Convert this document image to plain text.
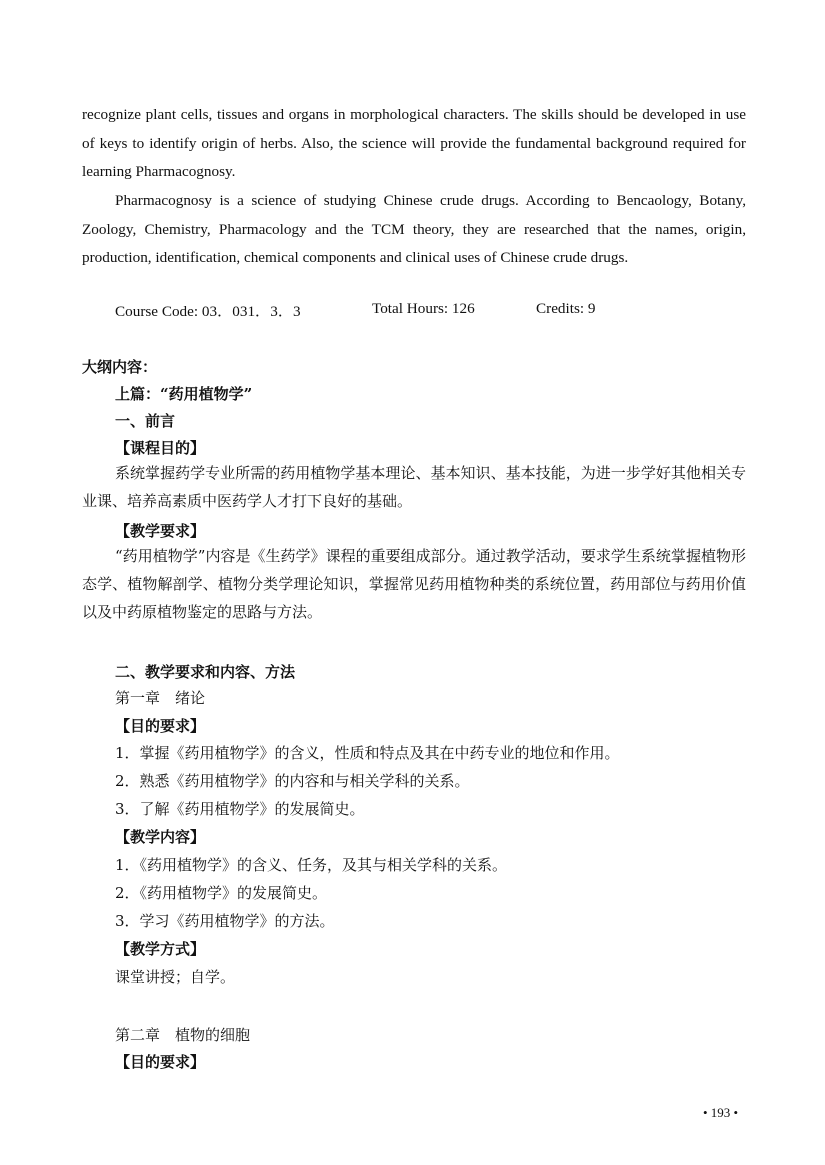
recognize plant cells, tissues and organs in morphological characters. The skills should be developed in use of keys to identify origin of herbs. Also, the science will provide the fundamental background required for learning Pharmacognosy.
Pharmacognosy is a science of studying Chinese crude drugs. According to Bencaology, Botany, Zoology, Chemistry, Pharmacology and the TCM theory, they are researched that the names, origin, production, identification, chemical components and clinical uses of Chinese crude drugs.
Course Code: 03．031．3．3	Total Hours: 126	Credits: 9
大纲内容：
上篇：“药用植物学”
一、前言
【课程目的】
系统掌握药学专业所需的药用植物学基本理论、基本知识、基本技能，为进一步学好其他相关专业课、培养高素质中医药学人才打下良好的基础。
【教学要求】
“药用植物学”内容是《生药学》课程的重要组成部分。通过教学活动，要求学生系统掌握植物形态学、植物解剖学、植物分类学理论知识，掌握常见药用植物种类的系统位置，药用部位与药用价值以及中药原植物鉴定的思路与方法。
二、教学要求和内容、方法
第一章　绪论
【目的要求】
1．掌握《药用植物学》的含义，性质和特点及其在中药专业的地位和作用。
2．熟悉《药用植物学》的内容和与相关学科的关系。
3．了解《药用植物学》的发展简史。
【教学内容】
1．《药用植物学》的含义、任务，及其与相关学科的关系。
2．《药用植物学》的发展简史。
3．学习《药用植物学》的方法。
【教学方式】
课堂讲授；自学。
第二章　植物的细胞
【目的要求】
• 193 •
